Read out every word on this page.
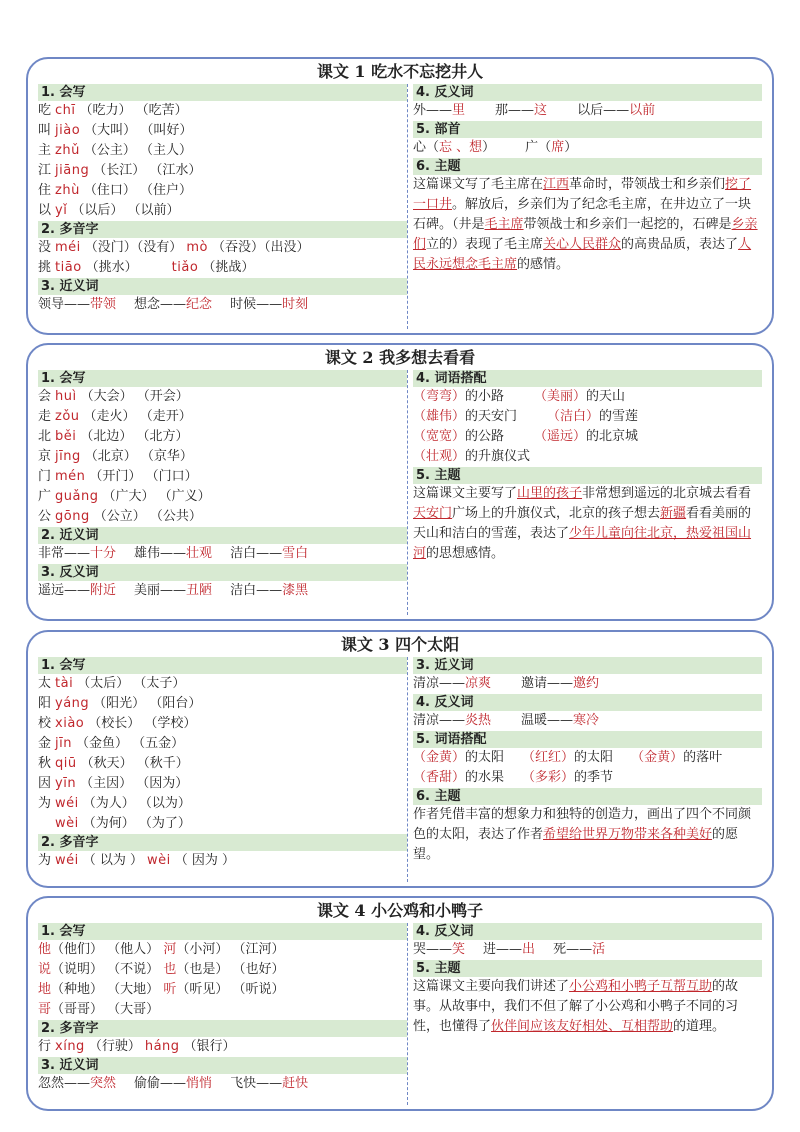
课文 1 吃水不忘挖井人
1. 会写
吃 chī （吃力） （吃苦）
叫 jiào （大叫） （叫好）
主 zhǔ （公主） （主人）
江 jiāng （长江） （江水）
住 zhù （住口） （住户）
以 yǐ （以后） （以前）
2. 多音字
没 méi （没门）（没有） mò （吞没）（出没）
挑 tiāo （挑水）	tiǎo （挑战）
3. 近义词
领导——带领 想念——纪念 时候——时刻
4. 反义词
外——里 那——这 以后——以前
5. 部首
心（忘 、想） 广（席）
6. 主题
这篇课文写了毛主席在江西革命时，带领战士和乡亲们挖了一口井。解放后，乡亲们为了纪念毛主席，在井边立了一块石碑。（井是毛主席带领战士和乡亲们一起挖的，石碑是乡亲们立的）表现了毛主席关心人民群众的高贵品质，表达了人民永远想念毛主席的感情。
课文 2 我多想去看看
1. 会写
会 huì （大会） （开会）
走 zǒu （走火） （走开）
北 běi （北边） （北方）
京 jīng （北京） （京华）
门 mén （开门） （门口）
广 guǎng （广大） （广义）
公 gōng （公立） （公共）
2. 近义词
非常——十分 雄伟——壮观 洁白——雪白
3. 反义词
遥远——附近 美丽——丑陋 洁白——漆黑
4. 词语搭配
（弯弯）的小路 （美丽）的天山
（雄伟）的天安门 （洁白）的雪莲
（宽宽）的公路 （遥远）的北京城
（壮观）的升旗仪式
5. 主题
这篇课文主要写了山里的孩子非常想到遥远的北京城去看看天安门广场上的升旗仪式，北京的孩子想去新疆看看美丽的天山和洁白的雪莲，表达了少年儿童向往北京，热爱祖国山河的思想感情。
课文 3 四个太阳
1. 会写
太 tài （太后） （太子）
阳 yáng （阳光） （阳台）
校 xiào （校长） （学校）
金 jīn （金鱼） （五金）
秋 qiū （秋天） （秋千）
因 yīn （主因） （因为）
为 wéi （为人） （以为）
wèi （为何） （为了）
2. 多音字
为 wéi （ 以为 ） wèi （ 因为 ）
3. 近义词
清凉——凉爽 邀请——邀约
4. 反义词
清凉——炎热 温暖——寒冷
5. 词语搭配
（金黄）的太阳 （红红）的太阳 （金黄）的落叶
（香甜）的水果 （多彩）的季节
6. 主题
作者凭借丰富的想象力和独特的创造力，画出了四个不同颜色的太阳，表达了作者希望给世界万物带来各种美好的愿望。
课文 4 小公鸡和小鸭子
1. 会写
他（他们） （他人） 河（小河） （江河）
说（说明） （不说） 也（也是） （也好）
地（种地） （大地） 听（听见） （听说）
哥（哥哥） （大哥）
2. 多音字
行 xíng （行驶） háng （银行）
3. 近义词
忽然——突然 偷偷——悄悄 飞快——赶快
4. 反义词
哭——笑 进——出 死——活
5. 主题
这篇课文主要向我们讲述了小公鸡和小鸭子互帮互助的故事。从故事中，我们不但了解了小公鸡和小鸭子不同的习性，也懂得了伙伴间应该友好相处、互相帮助的道理。
